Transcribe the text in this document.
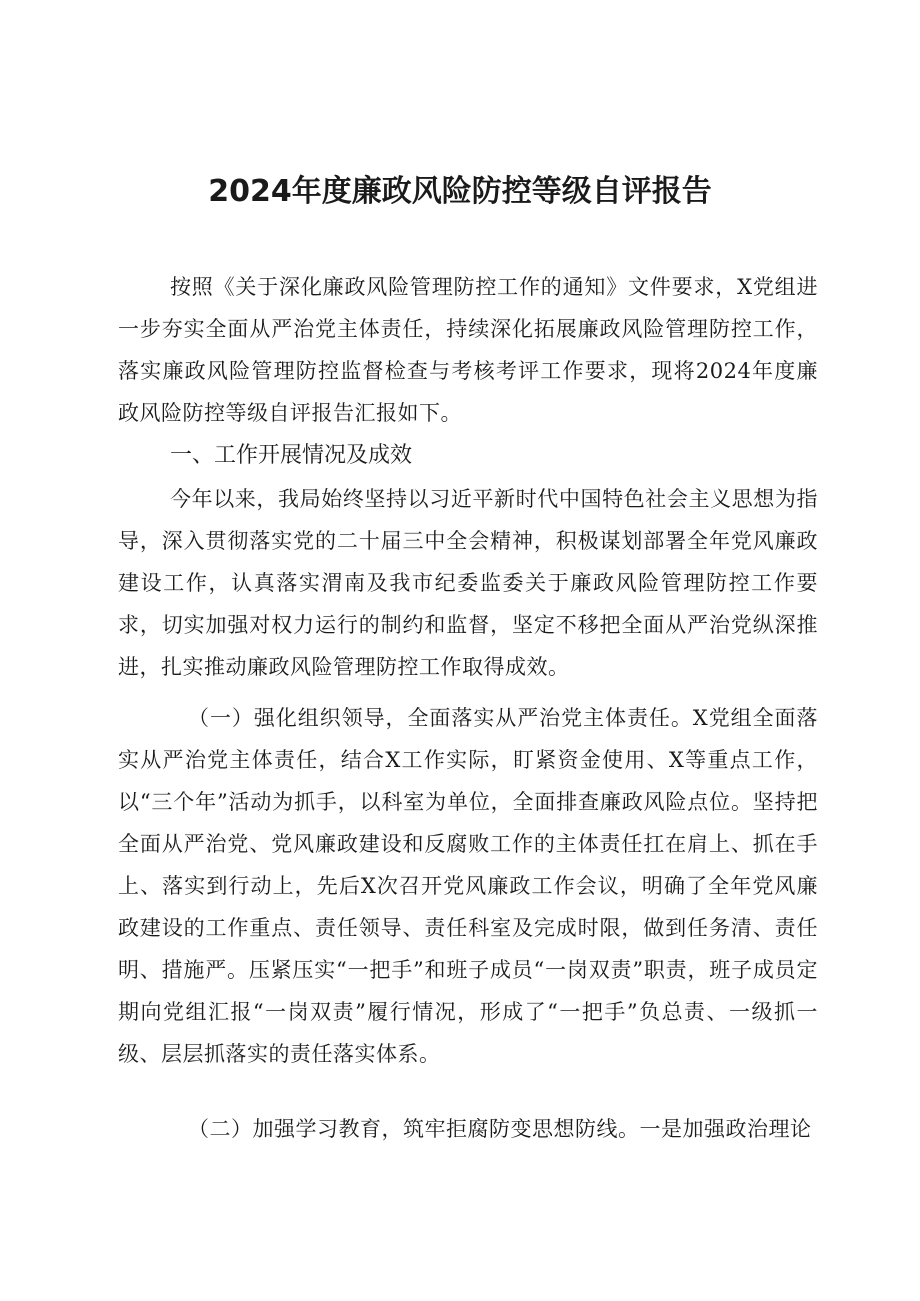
2024年度廉政风险防控等级自评报告

按照《关于深化廉政风险管理防控工作的通知》文件要求，X党组进一步夯实全面从严治党主体责任，持续深化拓展廉政风险管理防控工作，落实廉政风险管理防控监督检查与考核考评工作要求，现将2024年度廉政风险防控等级自评报告汇报如下。

一、工作开展情况及成效

今年以来，我局始终坚持以习近平新时代中国特色社会主义思想为指导，深入贯彻落实党的二十届三中全会精神，积极谋划部署全年党风廉政建设工作，认真落实渭南及我市纪委监委关于廉政风险管理防控工作要求，切实加强对权力运行的制约和监督，坚定不移把全面从严治党纵深推进，扎实推动廉政风险管理防控工作取得成效。

（一）强化组织领导，全面落实从严治党主体责任。X党组全面落实从严治党主体责任，结合X工作实际，盯紧资金使用、X等重点工作，以“三个年”活动为抓手，以科室为单位，全面排查廉政风险点位。坚持把全面从严治党、党风廉政建设和反腐败工作的主体责任扛在肩上、抓在手上、落实到行动上，先后X次召开党风廉政工作会议，明确了全年党风廉政建设的工作重点、责任领导、责任科室及完成时限，做到任务清、责任明、措施严。压紧压实“一把手”和班子成员“一岗双责”职责，班子成员定期向党组汇报“一岗双责”履行情况，形成了“一把手”负总责、一级抓一级、层层抓落实的责任落实体系。

（二）加强学习教育，筑牢拒腐防变思想防线。一是加强政治理论
